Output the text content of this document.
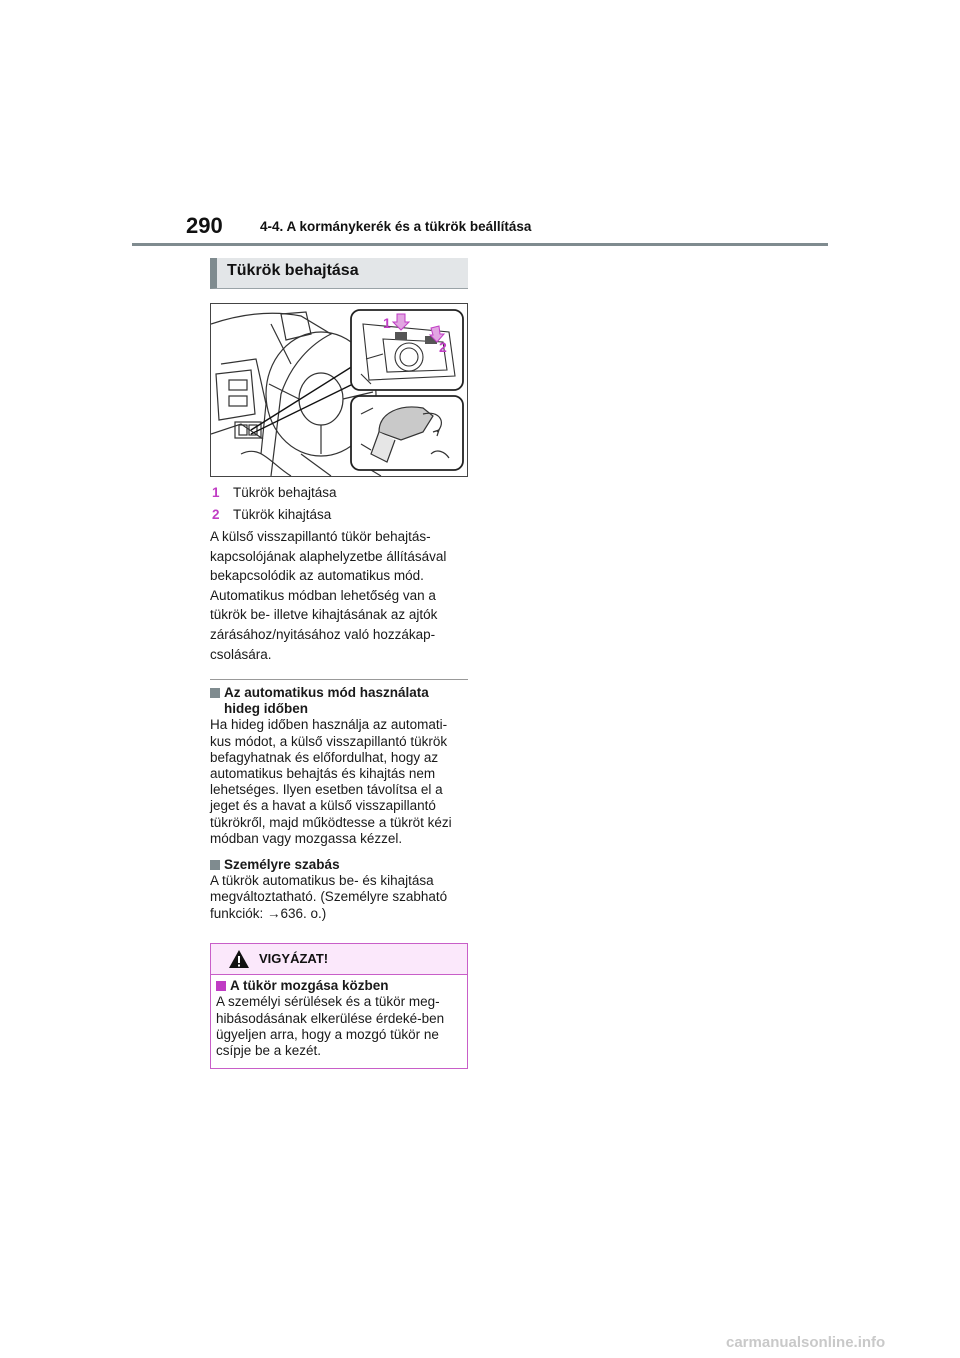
290	4-4. A kormánykerék és a tükrök beállítása
Tükrök behajtása
1
2
1 Tükrök behajtása
2 Tükrök kihajtása
A külső visszapillantó tükör behajtás-kapcsolójának alaphelyzetbe állításával bekapcsolódik az automatikus mód. Automatikus módban lehetőség van a tükrök be- illetve kihajtásának az ajtók zárásához/nyitásához való hozzákap-csolására.
Az automatikus mód használata hideg időben
Ha hideg időben használja az automati-kus módot, a külső visszapillantó tükrök befagyhatnak és előfordulhat, hogy az automatikus behajtás és kihajtás nem lehetséges. Ilyen esetben távolítsa el a jeget és a havat a külső visszapillantó tükrökről, majd működtesse a tükröt kézi módban vagy mozgassa kézzel.
Személyre szabás
A tükrök automatikus be- és kihajtása megváltoztatható. (Személyre szabható funkciók: →636. o.)
VIGYÁZAT!
A tükör mozgása közben
A személyi sérülések és a tükör meg-hibásodásának elkerülése érdeké-ben ügyeljen arra, hogy a mozgó tükör ne csípje be a kezét.
carmanualsonline.info
